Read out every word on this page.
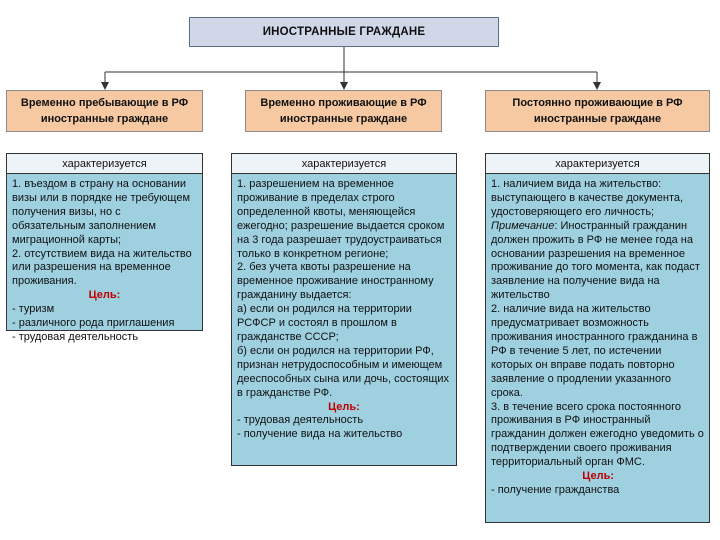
ИНОСТРАННЫЕ ГРАЖДАНЕ
Временно пребывающие в РФ иностранные граждане
Временно проживающие в РФ иностранные граждане
Постоянно проживающие в РФ иностранные граждане
характеризуется
1. въездом в страну на основании визы или в порядке не требующем получения визы, но с обязательным заполнением миграционной карты;
2. отсутствием вида на жительство или разрешения на временное проживания.

Цель:
- туризм
- различного рода приглашения
- трудовая деятельность
характеризуется
1. разрешением на временное проживание в пределах строго определенной квоты, меняющейся ежегодно; разрешение выдается сроком на 3 года разрешает трудоустраиваться только в конкретном регионе;
2. без учета квоты разрешение на временное проживание иностранному гражданину выдается:
а) если он родился на территории РСФСР и состоял в прошлом в гражданстве СССР;
б) если он родился на территории РФ, признан нетрудоспособным и имеющем дееспособных сына или дочь, состоящих в гражданстве РФ.

Цель:
- трудовая деятельность
- получение вида на жительство
характеризуется
1. наличием вида на жительство: выступающего в качестве документа, удостоверяющего его личность;
Примечание: Иностранный гражданин должен прожить в РФ не менее года на основании разрешения на временное проживание до того момента, как подаст заявление на получение вида на жительство
2. наличие вида на жительство предусматривает возможность проживания иностранного гражданина в РФ в течение 5 лет, по истечении которых он вправе подать повторно заявление о продлении указанного срока.
3. в течение всего срока постоянного проживания в РФ иностранный гражданин должен ежегодно уведомить о подтверждении своего проживания территориальный орган ФМС.

Цель:
- получение гражданства
